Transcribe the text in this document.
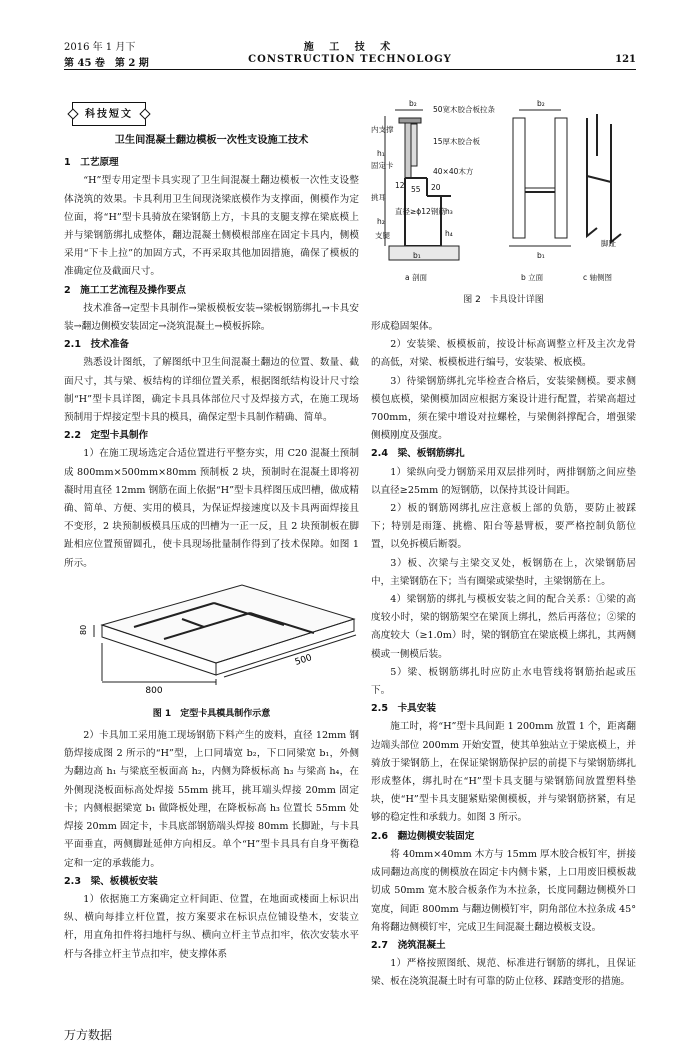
2016 年 1 月下
第 45 卷　第 2 期
施 工 技 术
CONSTRUCTION TECHNOLOGY	121
科技短文
卫生间混凝土翻边模板一次性支设施工技术

1　工艺原理

“H”型专用定型卡具实现了卫生间混凝土翻边模板一次性支设整体浇筑的效果。卡具利用卫生间现浇梁底模作为支撑面，侧模作为定位面，将“H”型卡具骑放在梁钢筋上方，卡具的支腿支撑在梁底模上并与梁钢筋绑扎成整体，翻边混凝土侧模根部座在固定卡具内，侧模采用“下卡上拉”的加固方式，不再采取其他加固措施，确保了模板的准确定位及截面尺寸。

2　施工工艺流程及操作要点

技术准备→定型卡具制作→梁板模板安装→梁板钢筋绑扎→卡具安装→翻边侧模安装固定→浇筑混凝土→模板拆除。

2.1　技术准备

熟悉设计图纸，了解图纸中卫生间混凝土翻边的位置、数量、截面尺寸，其与梁、板结构的详细位置关系，根据图纸结构设计尺寸绘制“H”型卡具详图，确定卡具具体部位尺寸及焊接方式，在施工现场预制用于焊接定型卡具的模具，确保定型卡具制作精确、简单。

2.2　定型卡具制作

1）在施工现场选定合适位置进行平整夯实，用 C20 混凝土预制成 800mm×500mm×80mm 预制板 2 块，预制时在混凝土即将初凝时用直径 12mm 钢筋在面上依据“H”型卡具样图压成凹槽，做成精确、简单、方便、实用的模具，为保证焊接速度以及卡具两面焊接且不变形，2 块预制板模具压成的凹槽为一正一反，且 2 块预制板在脚趾相应位置预留圆孔，使卡具现场批量制作得到了技术保障。如图 1 所示。

800
500
80
图 1　定型卡具模具制作示意

2）卡具加工采用施工现场钢筋下料产生的废料，直径 12mm 钢筋焊接成图 2 所示的“H”型，上口同墙宽 b₂，下口同梁宽 b₁，外侧为翻边高 h₁ 与梁底至板面高 h₂，内侧为降板标高 h₃ 与梁高 h₄，在外侧现浇板面标高处焊接 55mm 挑耳，挑耳端头焊接 20mm 固定卡；内侧根据梁宽 b₁ 做降板处理，在降板标高 h₃ 位置长 55mm 处焊接 20mm 固定卡，卡具底部钢筋端头焊接 80mm 长脚趾，与卡具平面垂直，两侧脚趾延伸方向相反。单个“H”型卡具具有自身平衡稳定和一定的承载能力。

2.3　梁、板模板安装

1）依据施工方案确定立杆间距、位置，在地面或楼面上标识出纵、横向每排立杆位置，按方案要求在标识点位铺设垫木，安装立杆，用直角扣件将扫地杆与纵、横向立杆主节点扣牢，依次安装水平杆与各排立杆主节点扣牢，使支撑体系

b₂
50宽木胶合板拉条
内支撑
15厚木胶合板
固定卡
40×40木方
挑耳
直径≥ϕ12钢筋
支腿
h₁
h₂
h₃
h₄
12	20
55
b₁
b₂
b₁
脚趾
a 剖面	b 立面	c 轴侧图
图 2　卡具设计详图

形成稳固架体。

2）安装梁、板模板前，按设计标高调整立杆及主次龙骨的高低，对梁、板模板进行编号，安装梁、板底模。

3）待梁钢筋绑扎完毕检查合格后，安装梁侧模。要求侧模包底模，梁侧模加固应根据方案设计进行配置，若梁高超过 700mm，须在梁中增设对拉螺栓，与梁侧斜撑配合，增强梁侧模刚度及强度。

2.4　梁、板钢筋绑扎

1）梁纵向受力钢筋采用双层排列时，两排钢筋之间应垫以直径≥25mm 的短钢筋，以保持其设计间距。

2）板的钢筋网绑扎应注意板上部的负筋，要防止被踩下；特别是雨篷、挑檐、阳台等悬臂板，要严格控制负筋位置，以免拆模后断裂。

3）板、次梁与主梁交叉处，板钢筋在上，次梁钢筋居中，主梁钢筋在下；当有圈梁或梁垫时，主梁钢筋在上。

4）梁钢筋的绑扎与模板安装之间的配合关系：①梁的高度较小时，梁的钢筋架空在梁顶上绑扎，然后再落位；②梁的高度较大（≥1.0m）时，梁的钢筋宜在梁底模上绑扎，其两侧模或一侧模后装。

5）梁、板钢筋绑扎时应防止水电管线将钢筋抬起或压下。

2.5　卡具安装

施工时，将“H”型卡具间距 1 200mm 放置 1 个，距离翻边端头部位 200mm 开始安置，使其单独站立于梁底模上，并骑放于梁钢筋上，在保证梁钢筋保护层的前提下与梁钢筋绑扎形成整体，绑扎时在“H”型卡具支腿与梁钢筋间放置塑料垫块，使“H”型卡具支腿紧贴梁侧模板，并与梁钢筋挤紧，有足够的稳定性和承载力。如图 3 所示。

2.6　翻边侧模安装固定

将 40mm×40mm 木方与 15mm 厚木胶合板钉牢，拼接成同翻边高度的侧模放在固定卡内侧卡紧，上口用废旧模板裁切成 50mm 宽木胶合板条作为木拉条，长度同翻边侧模外口宽度，间距 800mm 与翻边侧模钉牢，阴角部位木拉条成 45°角将翻边侧模钉牢，完成卫生间混凝土翻边模板支设。

2.7　浇筑混凝土

1）严格按照图纸、规范、标准进行钢筋的绑扎，且保证梁、板在浇筑混凝土时有可靠的防止位移、踩踏变形的措施。

万方数据
